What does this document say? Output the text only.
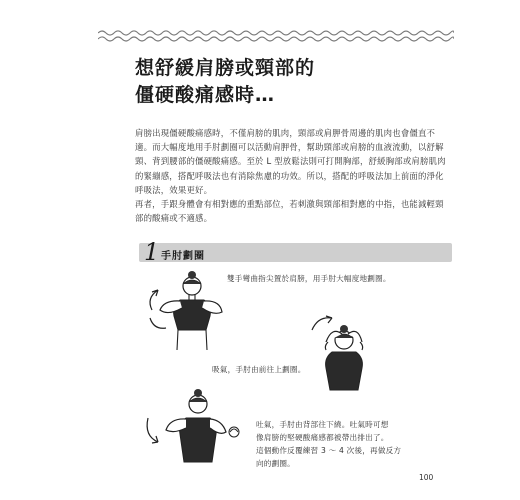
想舒緩肩膀或頸部的
僵硬酸痛感時…

肩膀出現僵硬酸痛感時，不僅肩膀的肌肉，頸部或肩胛骨周邊的肌肉也會僵直不適。而大幅度地用手肘劃圈可以活動肩胛骨，幫助頸部或肩膀的血液流動，以舒解頸、背到腰部的僵硬酸痛感。至於 L 型放鬆法則可打開胸部，舒緩胸部或肩膀肌肉的緊繃感，搭配呼吸法也有消除焦慮的功效。所以，搭配的呼吸法加上前面的淨化呼吸法，效果更好。

再者，手跟身體會有相對應的重點部位，若刺激與頸部相對應的中指，也能減輕頸部的酸痛或不適感。

1 手肘劃圈

雙手彎曲指尖置於肩膀，用手肘大幅度地劃圈。

吸氣，手肘由前往上劃圈。

吐氣，手肘由背部往下繞。吐氣時可想
像肩膀的堅硬酸痛感都被帶出排出了。
這個動作反覆練習 3 ～ 4 次後，再做反方
向的劃圈。

100
